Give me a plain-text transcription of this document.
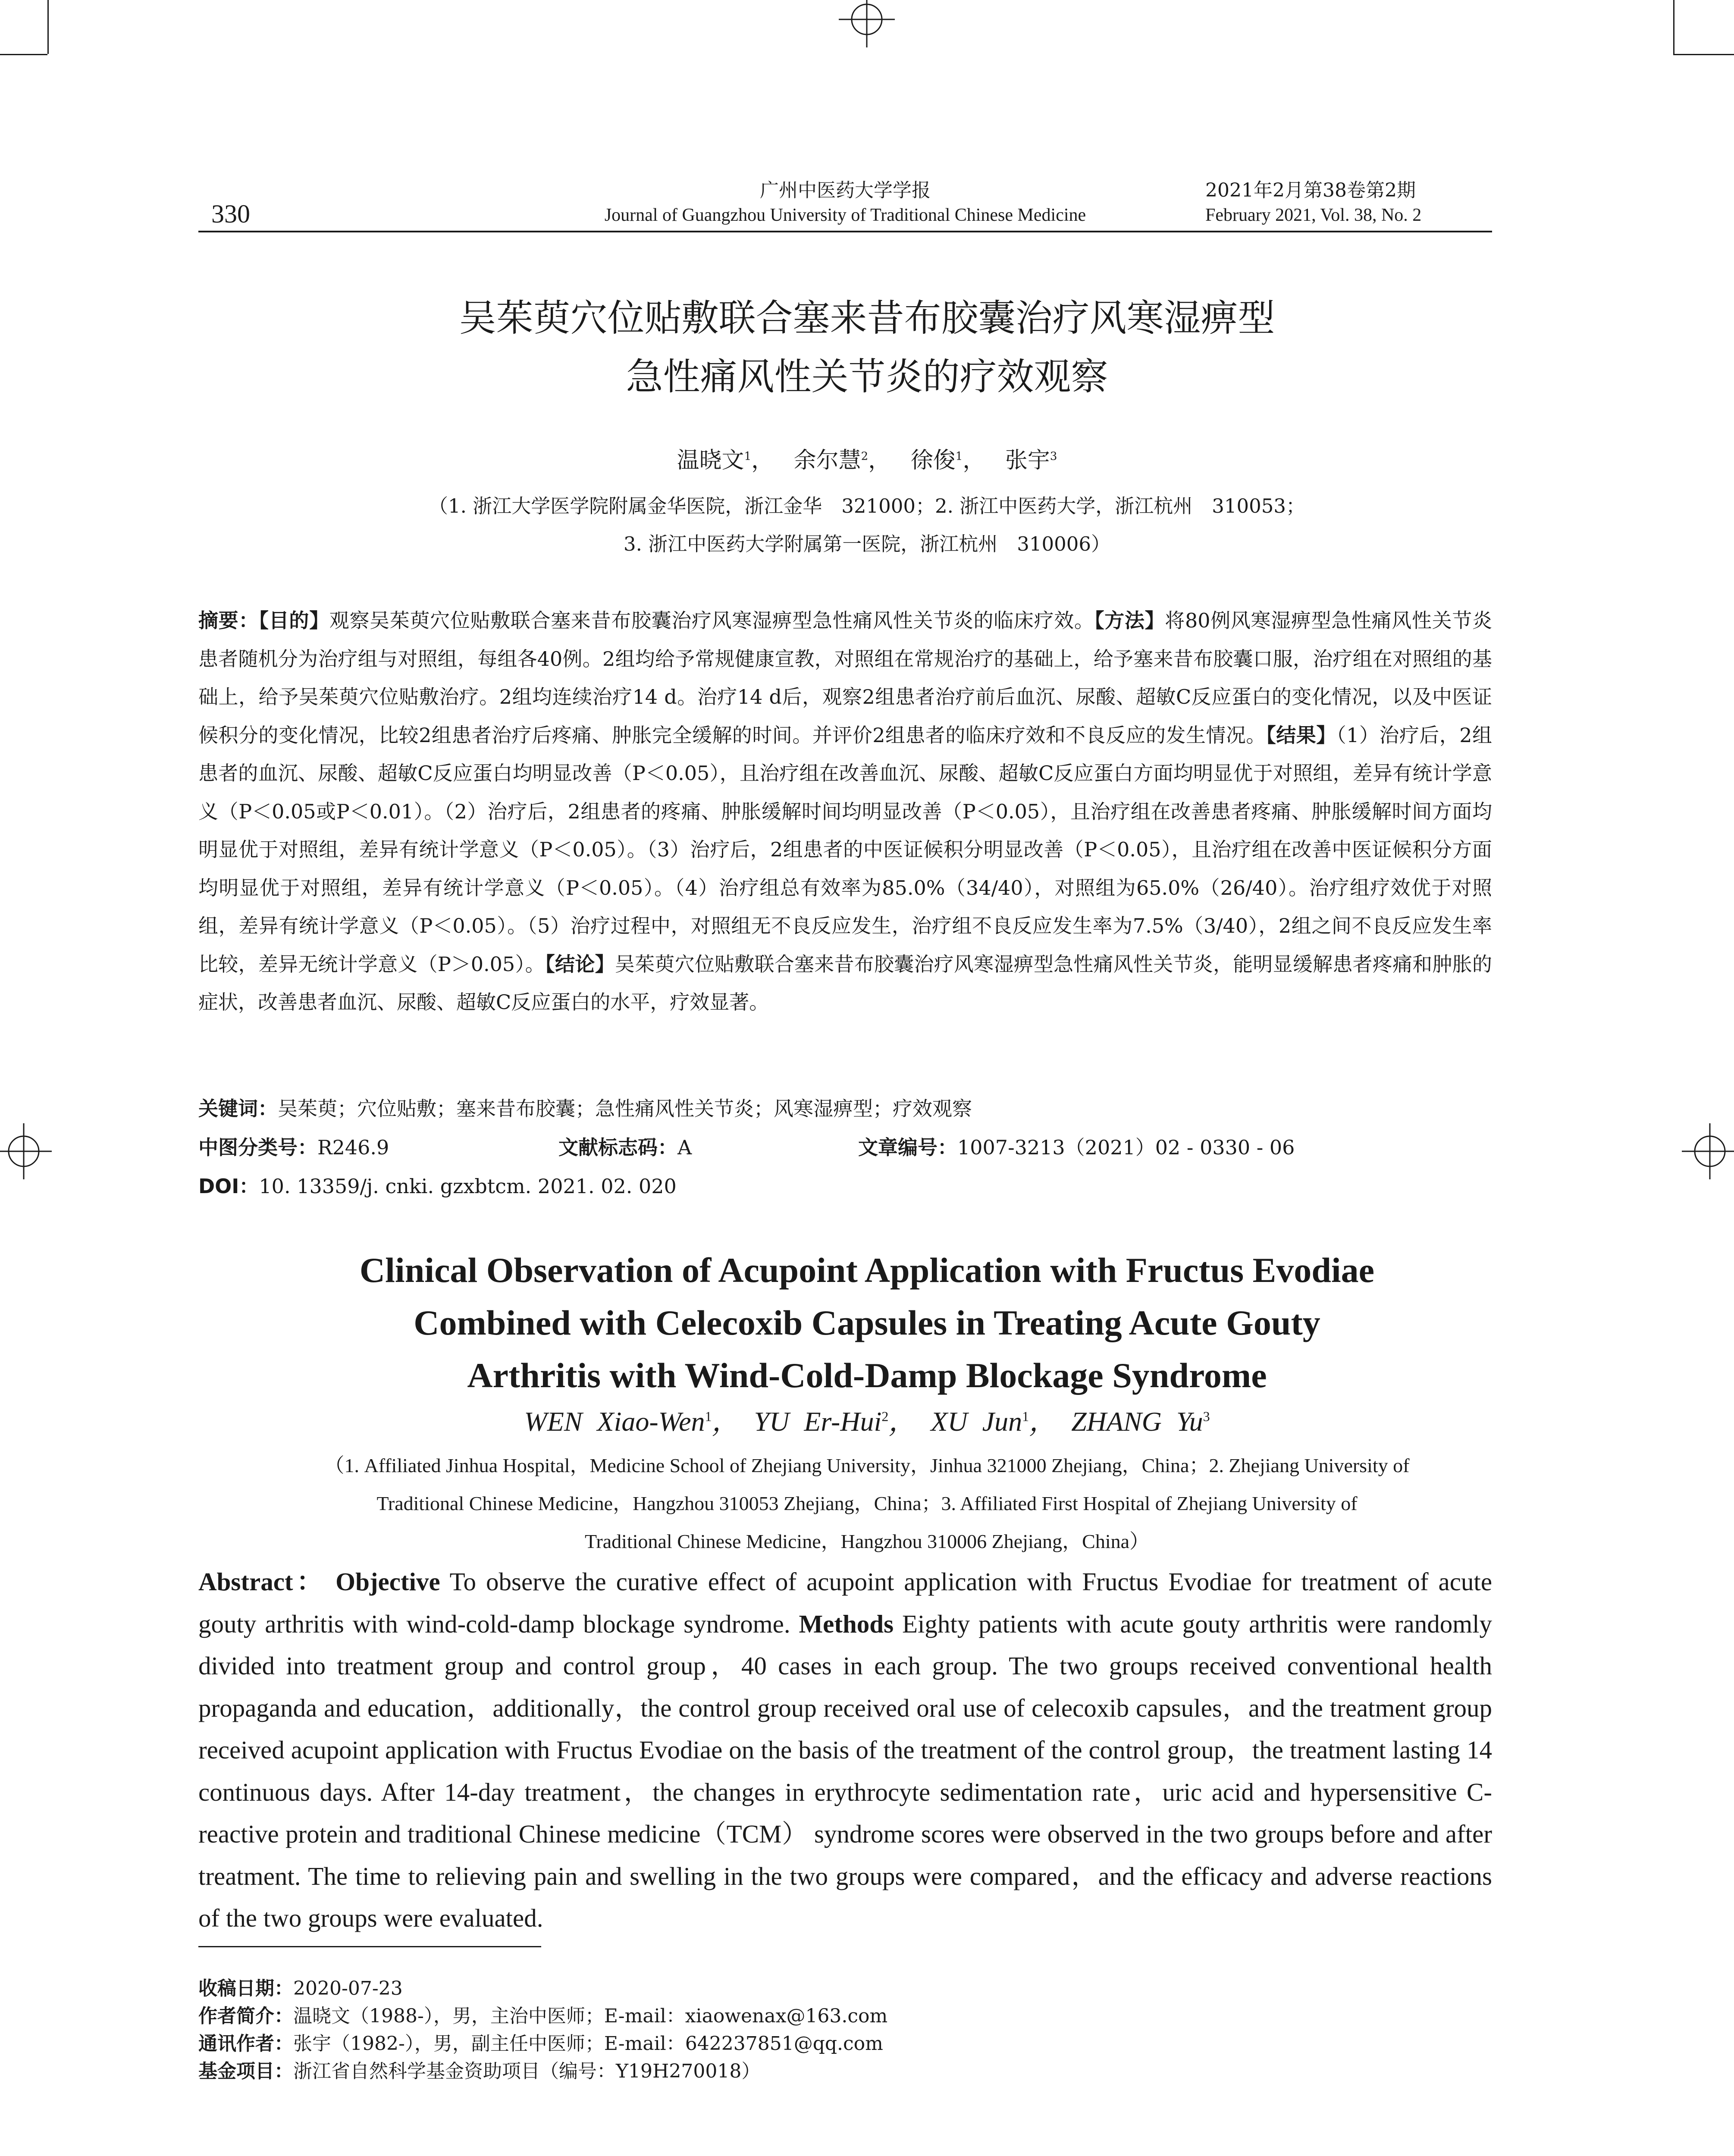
330
广州中医药大学学报
Journal of Guangzhou University of Traditional Chinese Medicine
2021年2月第38卷第2期
February 2021, Vol. 38, No. 2
吴茱萸穴位贴敷联合塞来昔布胶囊治疗风寒湿痹型
急性痛风性关节炎的疗效观察
温晓文$^1$， 余尔慧$^2$， 徐俊$^1$， 张宇$^3$
（1. 浙江大学医学院附属金华医院，浙江金华　321000；2. 浙江中医药大学，浙江杭州　310053；
3. 浙江中医药大学附属第一医院，浙江杭州　310006）
摘要：【目的】观察吴茱萸穴位贴敷联合塞来昔布胶囊治疗风寒湿痹型急性痛风性关节炎的临床疗效。【方法】将80例风寒湿痹型急性痛风性关节炎患者随机分为治疗组与对照组，每组各40例。2组均给予常规健康宣教，对照组在常规治疗的基础上，给予塞来昔布胶囊口服，治疗组在对照组的基础上，给予吴茱萸穴位贴敷治疗。2组均连续治疗14 d。治疗14 d后，观察2组患者治疗前后血沉、尿酸、超敏C反应蛋白的变化情况，以及中医证候积分的变化情况，比较2组患者治疗后疼痛、肿胀完全缓解的时间。并评价2组患者的临床疗效和不良反应的发生情况。【结果】（1）治疗后，2组患者的血沉、尿酸、超敏C反应蛋白均明显改善（P＜0.05），且治疗组在改善血沉、尿酸、超敏C反应蛋白方面均明显优于对照组，差异有统计学意义（P＜0.05或P＜0.01）。（2）治疗后，2组患者的疼痛、肿胀缓解时间均明显改善（P＜0.05），且治疗组在改善患者疼痛、肿胀缓解时间方面均明显优于对照组，差异有统计学意义（P＜0.05）。（3）治疗后，2组患者的中医证候积分明显改善（P＜0.05），且治疗组在改善中医证候积分方面均明显优于对照组，差异有统计学意义（P＜0.05）。（4）治疗组总有效率为85.0%（34/40），对照组为65.0%（26/40）。治疗组疗效优于对照组，差异有统计学意义（P＜0.05）。（5）治疗过程中，对照组无不良反应发生，治疗组不良反应发生率为7.5%（3/40），2组之间不良反应发生率比较，差异无统计学意义（P＞0.05）。【结论】吴茱萸穴位贴敷联合塞来昔布胶囊治疗风寒湿痹型急性痛风性关节炎，能明显缓解患者疼痛和肿胀的症状，改善患者血沉、尿酸、超敏C反应蛋白的水平，疗效显著。
关键词：吴茱萸；穴位贴敷；塞来昔布胶囊；急性痛风性关节炎；风寒湿痹型；疗效观察
中图分类号：R246.9	文献标志码：A	文章编号：1007-3213（2021）02 - 0330 - 06
DOI：10. 13359/j. cnki. gzxbtcm. 2021. 02. 020
Clinical Observation of Acupoint Application with Fructus Evodiae
Combined with Celecoxib Capsules in Treating Acute Gouty
Arthritis with Wind-Cold-Damp Blockage Syndrome
WEN Xiao-Wen$^1$， YU Er-Hui$^2$， XU Jun$^1$， ZHANG Yu$^3$
（1. Affiliated Jinhua Hospital，Medicine School of Zhejiang University，Jinhua 321000 Zhejiang，China；2. Zhejiang University of
Traditional Chinese Medicine，Hangzhou 310053 Zhejiang，China；3. Affiliated First Hospital of Zhejiang University of
Traditional Chinese Medicine，Hangzhou 310006 Zhejiang，China）
Abstract： Objective To observe the curative effect of acupoint application with Fructus Evodiae for treatment of acute gouty arthritis with wind-cold-damp blockage syndrome. Methods Eighty patients with acute gouty arthritis were randomly divided into treatment group and control group，40 cases in each group. The two groups received conventional health propaganda and education，additionally，the control group received oral use of celecoxib capsules，and the treatment group received acupoint application with Fructus Evodiae on the basis of the treatment of the control group，the treatment lasting 14 continuous days. After 14-day treatment，the changes in erythrocyte sedimentation rate，uric acid and hypersensitive C- reactive protein and traditional Chinese medicine（TCM） syndrome scores were observed in the two groups before and after treatment. The time to relieving pain and swelling in the two groups were compared，and the efficacy and adverse reactions of the two groups were evaluated.
收稿日期：2020-07-23
作者简介：温晓文（1988-），男，主治中医师；E-mail：xiaowenax@163.com
通讯作者：张宇（1982-），男，副主任中医师；E-mail：642237851@qq.com
基金项目：浙江省自然科学基金资助项目（编号：Y19H270018）
